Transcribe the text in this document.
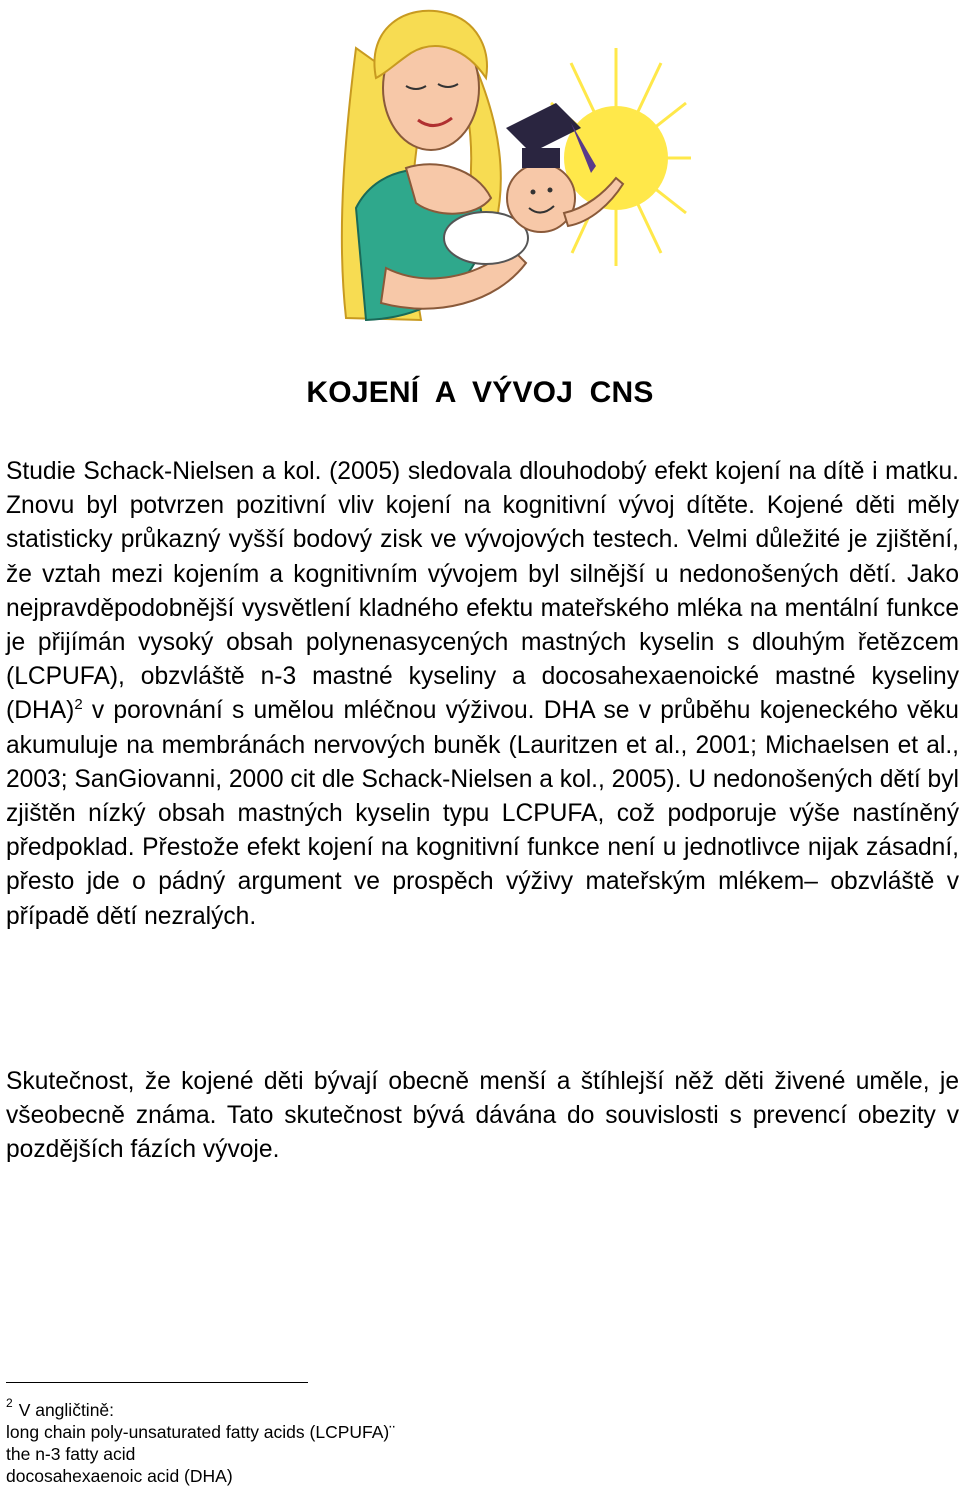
KOJENÍ A VÝVOJ CNS

Studie Schack-Nielsen a kol. (2005) sledovala dlouhodobý efekt kojení na dítě i matku. Znovu byl potvrzen pozitivní vliv kojení na kognitivní vývoj dítěte. Kojené děti měly statisticky průkazný vyšší bodový zisk ve vývojových testech. Velmi důležité je zjištění, že vztah mezi kojením a kognitivním vývojem byl silnější u nedonošených dětí. Jako nejpravděpodobnější vysvětlení kladného efektu mateřského mléka na mentální funkce je přijímán vysoký obsah polynenasycených mastných kyselin s dlouhým řetězcem (LCPUFA), obzvláště n-3 mastné kyseliny a docosahexaenoické mastné kyseliny (DHA)$^2$ v porovnání s umělou mléčnou výživou. DHA se v průběhu kojeneckého věku akumuluje na membránách nervových buněk (Lauritzen et al., 2001; Michaelsen et al., 2003; SanGiovanni, 2000 cit dle Schack-Nielsen a kol., 2005). U nedonošených dětí byl zjištěn nízký obsah mastných kyselin typu LCPUFA, což podporuje výše nastíněný předpoklad. Přestože efekt kojení na kognitivní funkce není u jednotlivce nijak zásadní, přesto jde o pádný argument ve prospěch výživy mateřským mlékem– obzvláště v případě dětí nezralých.

Skutečnost, že kojené děti bývají obecně menší a štíhlejší něž děti živené uměle, je všeobecně známa. Tato skutečnost bývá dávána do souvislosti s prevencí obezity v pozdějších fázích vývoje.

$^2$ V angličtině:
long chain poly-unsaturated fatty acids (LCPUFA)¨
the n-3 fatty acid
docosahexaenoic acid (DHA)
